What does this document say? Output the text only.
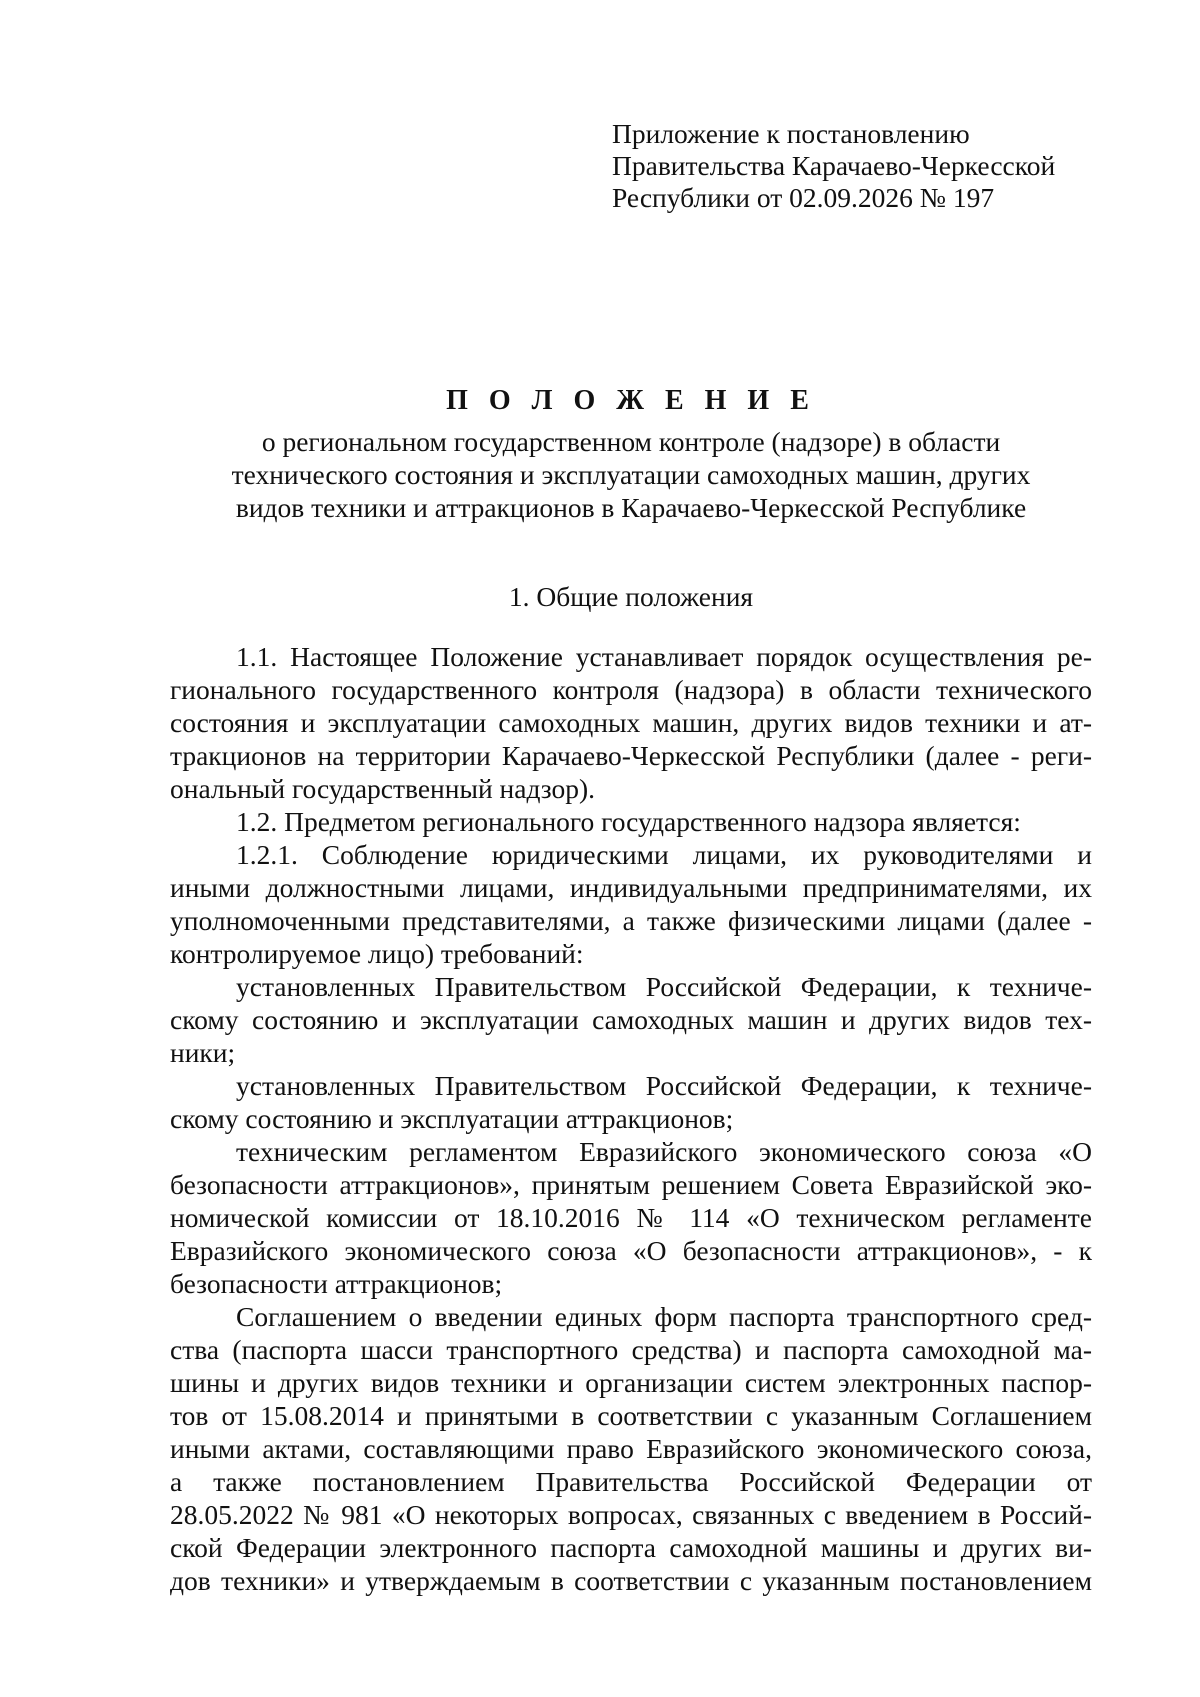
Приложение к постановлению
Правительства Карачаево-Черкесской
Республики от 02.09.2026 № 197
П О Л О Ж Е Н И Е
о региональном государственном контроле (надзоре) в области
технического состояния и эксплуатации самоходных машин, других
видов техники и аттракционов в Карачаево-Черкесской Республике
1. Общие положения
1.1. Настоящее Положение устанавливает порядок осуществления ре-
гионального государственного контроля (надзора) в области технического
состояния и эксплуатации самоходных машин, других видов техники и ат-
тракционов на территории Карачаево-Черкесской Республики (далее - реги-
ональный государственный надзор).
1.2. Предметом регионального государственного надзора является:
1.2.1. Соблюдение юридическими лицами, их руководителями и
иными должностными лицами, индивидуальными предпринимателями, их
уполномоченными представителями, а также физическими лицами (далее -
контролируемое лицо) требований:
установленных Правительством Российской Федерации, к техниче-
скому состоянию и эксплуатации самоходных машин и других видов тех-
ники;
установленных Правительством Российской Федерации, к техниче-
скому состоянию и эксплуатации аттракционов;
техническим регламентом Евразийского экономического союза «О
безопасности аттракционов», принятым решением Совета Евразийской эко-
номической комиссии от 18.10.2016 № 114 «О техническом регламенте
Евразийского экономического союза «О безопасности аттракционов», - к
безопасности аттракционов;
Соглашением о введении единых форм паспорта транспортного сред-
ства (паспорта шасси транспортного средства) и паспорта самоходной ма-
шины и других видов техники и организации систем электронных паспор-
тов от 15.08.2014 и принятыми в соответствии с указанным Соглашением
иными актами, составляющими право Евразийского экономического союза,
а также постановлением Правительства Российской Федерации от
28.05.2022 № 981 «О некоторых вопросах, связанных с введением в Россий-
ской Федерации электронного паспорта самоходной машины и других ви-
дов техники» и утверждаемым в соответствии с указанным постановлением
